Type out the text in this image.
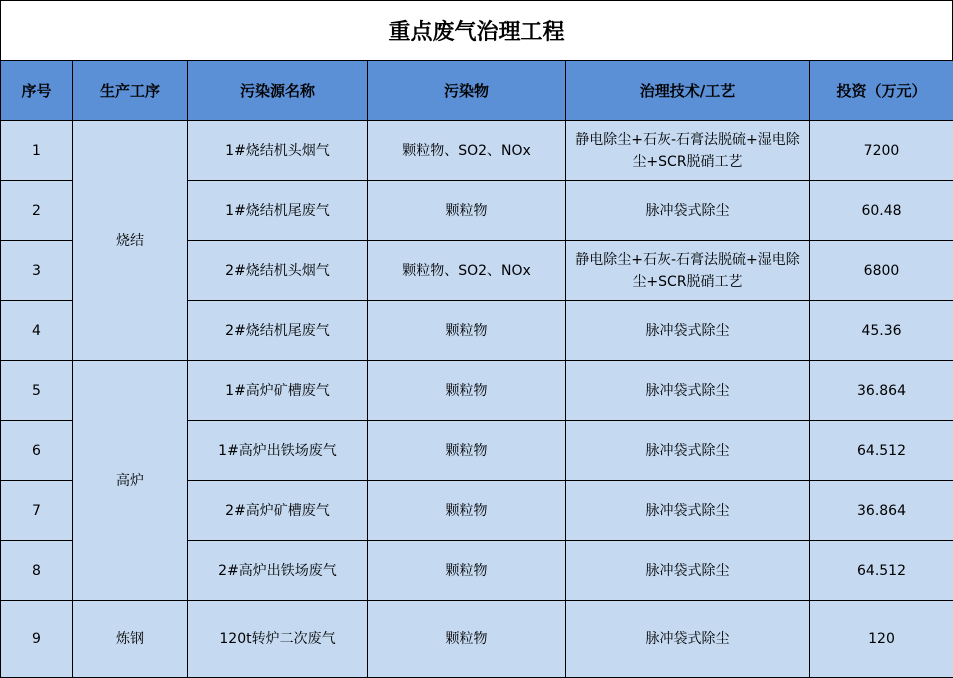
重点废气治理工程
序号	生产工序	污染源名称	污染物	治理技术/工艺	投资（万元）
1	烧结	1#烧结机头烟气	颗粒物、SO2、NOx	静电除尘+石灰-石膏法脱硫+湿电除尘+SCR脱硝工艺	7200
2		1#烧结机尾废气	颗粒物	脉冲袋式除尘	60.48
3		2#烧结机头烟气	颗粒物、SO2、NOx	静电除尘+石灰-石膏法脱硫+湿电除尘+SCR脱硝工艺	6800
4		2#烧结机尾废气	颗粒物	脉冲袋式除尘	45.36
5	高炉	1#高炉矿槽废气	颗粒物	脉冲袋式除尘	36.864
6		1#高炉出铁场废气	颗粒物	脉冲袋式除尘	64.512
7		2#高炉矿槽废气	颗粒物	脉冲袋式除尘	36.864
8		2#高炉出铁场废气	颗粒物	脉冲袋式除尘	64.512
9	炼钢	120t转炉二次废气	颗粒物	脉冲袋式除尘	120
